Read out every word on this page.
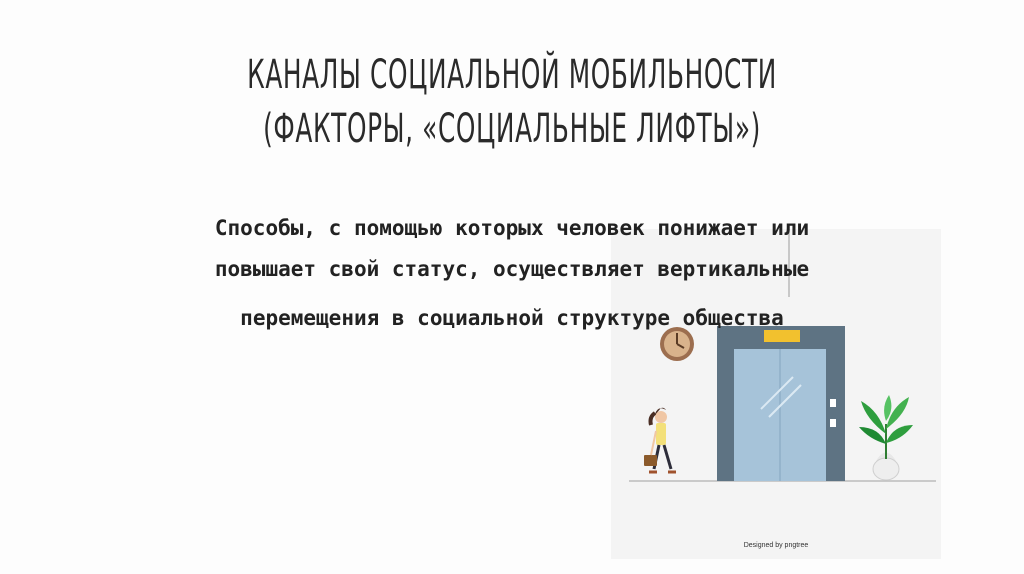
КАНАЛЫ СОЦИАЛЬНОЙ МОБИЛЬНОСТИ
(ФАКТОРЫ, «СОЦИАЛЬНЫЕ ЛИФТЫ»)
Designed by pngtree
Способы, с помощью которых человек понижает или
повышает свой статус, осуществляет вертикальные
перемещения в социальной структуре общества
